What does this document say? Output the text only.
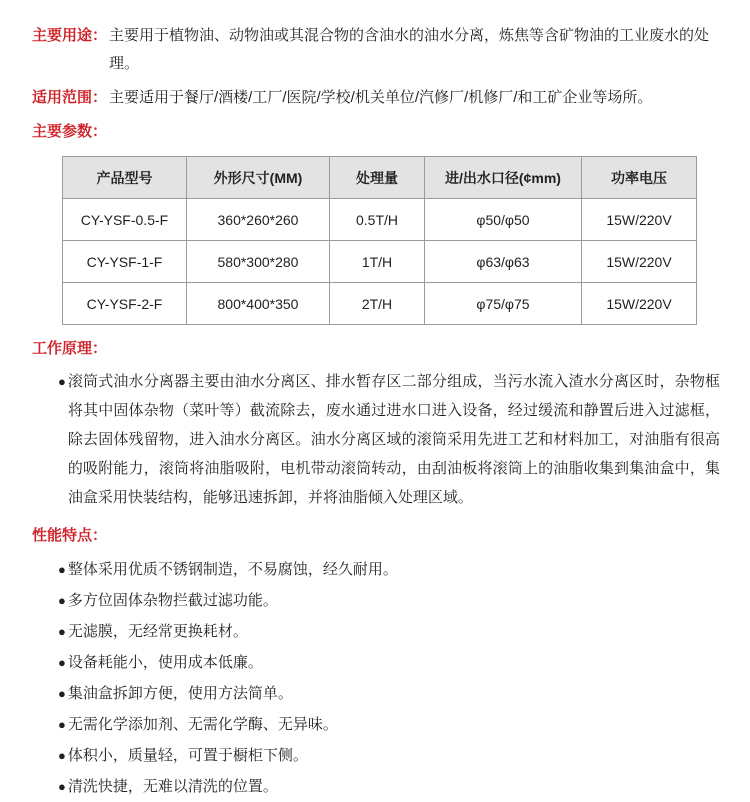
主要用途： 主要用于植物油、动物油或其混合物的含油水的油水分离，炼焦等含矿物油的工业废水的处理。
适用范围： 主要适用于餐厅/酒楼/工厂/医院/学校/机关单位/汽修厂/机修厂/和工矿企业等场所。
主要参数：
产品型号	外形尺寸(MM)	处理量	进/出水口径(¢mm)	功率电压
CY-YSF-0.5-F	360*260*260	0.5T/H	φ50/φ50	15W/220V
CY-YSF-1-F	580*300*280	1T/H	φ63/φ63	15W/220V
CY-YSF-2-F	800*400*350	2T/H	φ75/φ75	15W/220V
工作原理：
● 滚筒式油水分离器主要由油水分离区、排水暂存区二部分组成，当污水流入渣水分离区时，杂物框将其中固体杂物（菜叶等）截流除去，废水通过进水口进入设备，经过缓流和静置后进入过滤框，除去固体残留物，进入油水分离区。油水分离区域的滚筒采用先进工艺和材料加工，对油脂有很高的吸附能力，滚筒将油脂吸附，电机带动滚筒转动，由刮油板将滚筒上的油脂收集到集油盒中，集油盒采用快装结构，能够迅速拆卸，并将油脂倾入处理区域。
性能特点：
● 整体采用优质不锈钢制造，不易腐蚀，经久耐用。
● 多方位固体杂物拦截过滤功能。
● 无滤膜，无经常更换耗材。
● 设备耗能小，使用成本低廉。
● 集油盒拆卸方便，使用方法简单。
● 无需化学添加剂、无需化学酶、无异味。
● 体积小，质量轻，可置于橱柜下侧。
● 清洗快捷，无难以清洗的位置。
